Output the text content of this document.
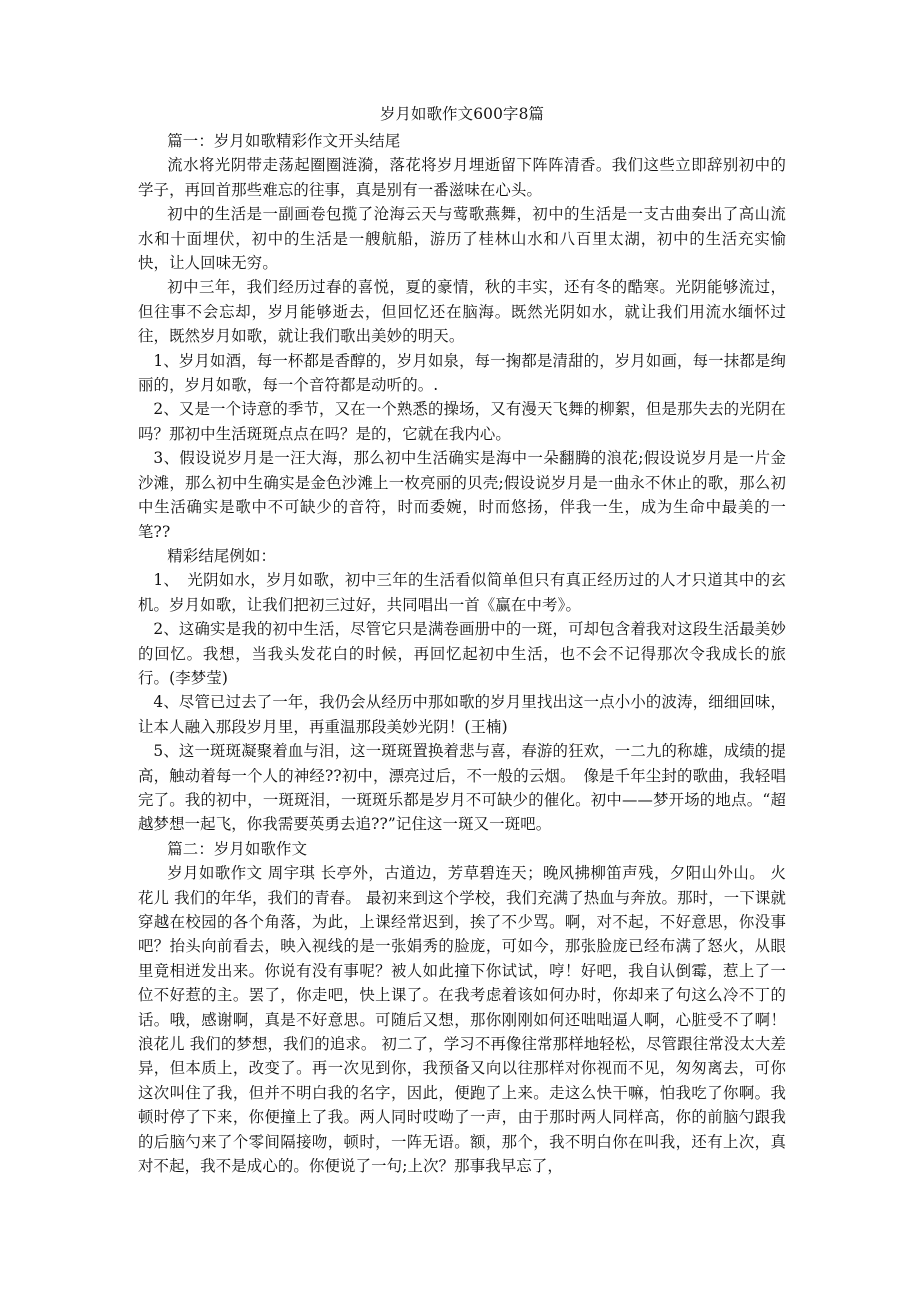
岁月如歌作文600字8篇

篇一：岁月如歌精彩作文开头结尾

流水将光阴带走荡起圈圈涟漪，落花将岁月埋逝留下阵阵清香。我们这些立即辞别初中的学子，再回首那些难忘的往事，真是别有一番滋味在心头。

初中的生活是一副画卷包揽了沧海云天与莺歌燕舞，初中的生活是一支古曲奏出了高山流水和十面埋伏，初中的生活是一艘航船，游历了桂林山水和八百里太湖，初中的生活充实愉快，让人回味无穷。

初中三年，我们经历过春的喜悦，夏的豪情，秋的丰实，还有冬的酷寒。光阴能够流过，但往事不会忘却，岁月能够逝去，但回忆还在脑海。既然光阴如水，就让我们用流水缅怀过往，既然岁月如歌，就让我们歌出美妙的明天。

1、岁月如酒，每一杯都是香醇的，岁月如泉，每一掬都是清甜的，岁月如画，每一抹都是绚丽的，岁月如歌，每一个音符都是动听的。.

2、又是一个诗意的季节，又在一个熟悉的操场，又有漫天飞舞的柳絮，但是那失去的光阴在吗？那初中生活斑斑点点在吗？是的，它就在我内心。

3、假设说岁月是一汪大海，那么初中生活确实是海中一朵翻腾的浪花;假设说岁月是一片金沙滩，那么初中生确实是金色沙滩上一枚亮丽的贝壳;假设说岁月是一曲永不休止的歌，那么初中生活确实是歌中不可缺少的音符，时而委婉，时而悠扬，伴我一生，成为生命中最美的一笔??

精彩结尾例如：

1、　光阴如水，岁月如歌，初中三年的生活看似简单但只有真正经历过的人才只道其中的玄机。岁月如歌，让我们把初三过好，共同唱出一首《赢在中考》。

2、这确实是我的初中生活，尽管它只是满卷画册中的一斑，可却包含着我对这段生活最美妙的回忆。我想，当我头发花白的时候，再回忆起初中生活，也不会不记得那次令我成长的旅行。(李梦莹)

4、尽管已过去了一年，我仍会从经历中那如歌的岁月里找出这一点小小的波涛，细细回味，让本人融入那段岁月里，再重温那段美妙光阴！(王楠)

5、这一斑斑凝聚着血与泪，这一斑斑置换着悲与喜，春游的狂欢，一二九的称雄，成绩的提高，触动着每一个人的神经??初中，漂亮过后，不一般的云烟。　像是千年尘封的歌曲，我轻唱完了。我的初中，一斑斑泪，一斑斑乐都是岁月不可缺少的催化。初中——梦开场的地点。“超越梦想一起飞，你我需要英勇去追??”记住这一斑又一斑吧。

篇二：岁月如歌作文

岁月如歌作文 周宇琪 长亭外，古道边，芳草碧连天；晚风拂柳笛声残，夕阳山外山。 火花儿 我们的年华，我们的青春。 最初来到这个学校，我们充满了热血与奔放。那时，一下课就穿越在校园的各个角落，为此，上课经常迟到，挨了不少骂。啊，对不起，不好意思，你没事吧？抬头向前看去，映入视线的是一张娟秀的脸庞，可如今，那张脸庞已经布满了怒火，从眼里竟相迸发出来。你说有没有事呢？被人如此撞下你试试，哼！好吧，我自认倒霉，惹上了一位不好惹的主。罢了，你走吧，快上课了。在我考虑着该如何办时，你却来了句这么冷不丁的话。哦，感谢啊，真是不好意思。可随后又想，那你刚刚如何还咄咄逼人啊，心脏受不了啊！ 浪花儿 我们的梦想，我们的追求。 初二了，学习不再像往常那样地轻松，尽管跟往常没太大差异，但本质上，改变了。再一次见到你，我预备又向以往那样对你视而不见，匆匆离去，可你这次叫住了我，但并不明白我的名字，因此，便跑了上来。走这么快干嘛，怕我吃了你啊。我顿时停了下来，你便撞上了我。两人同时哎呦了一声，由于那时两人同样高，你的前脑勺跟我的后脑勺来了个零间隔接吻，顿时，一阵无语。额，那个，我不明白你在叫我，还有上次，真对不起，我不是成心的。你便说了一句;上次？那事我早忘了，
